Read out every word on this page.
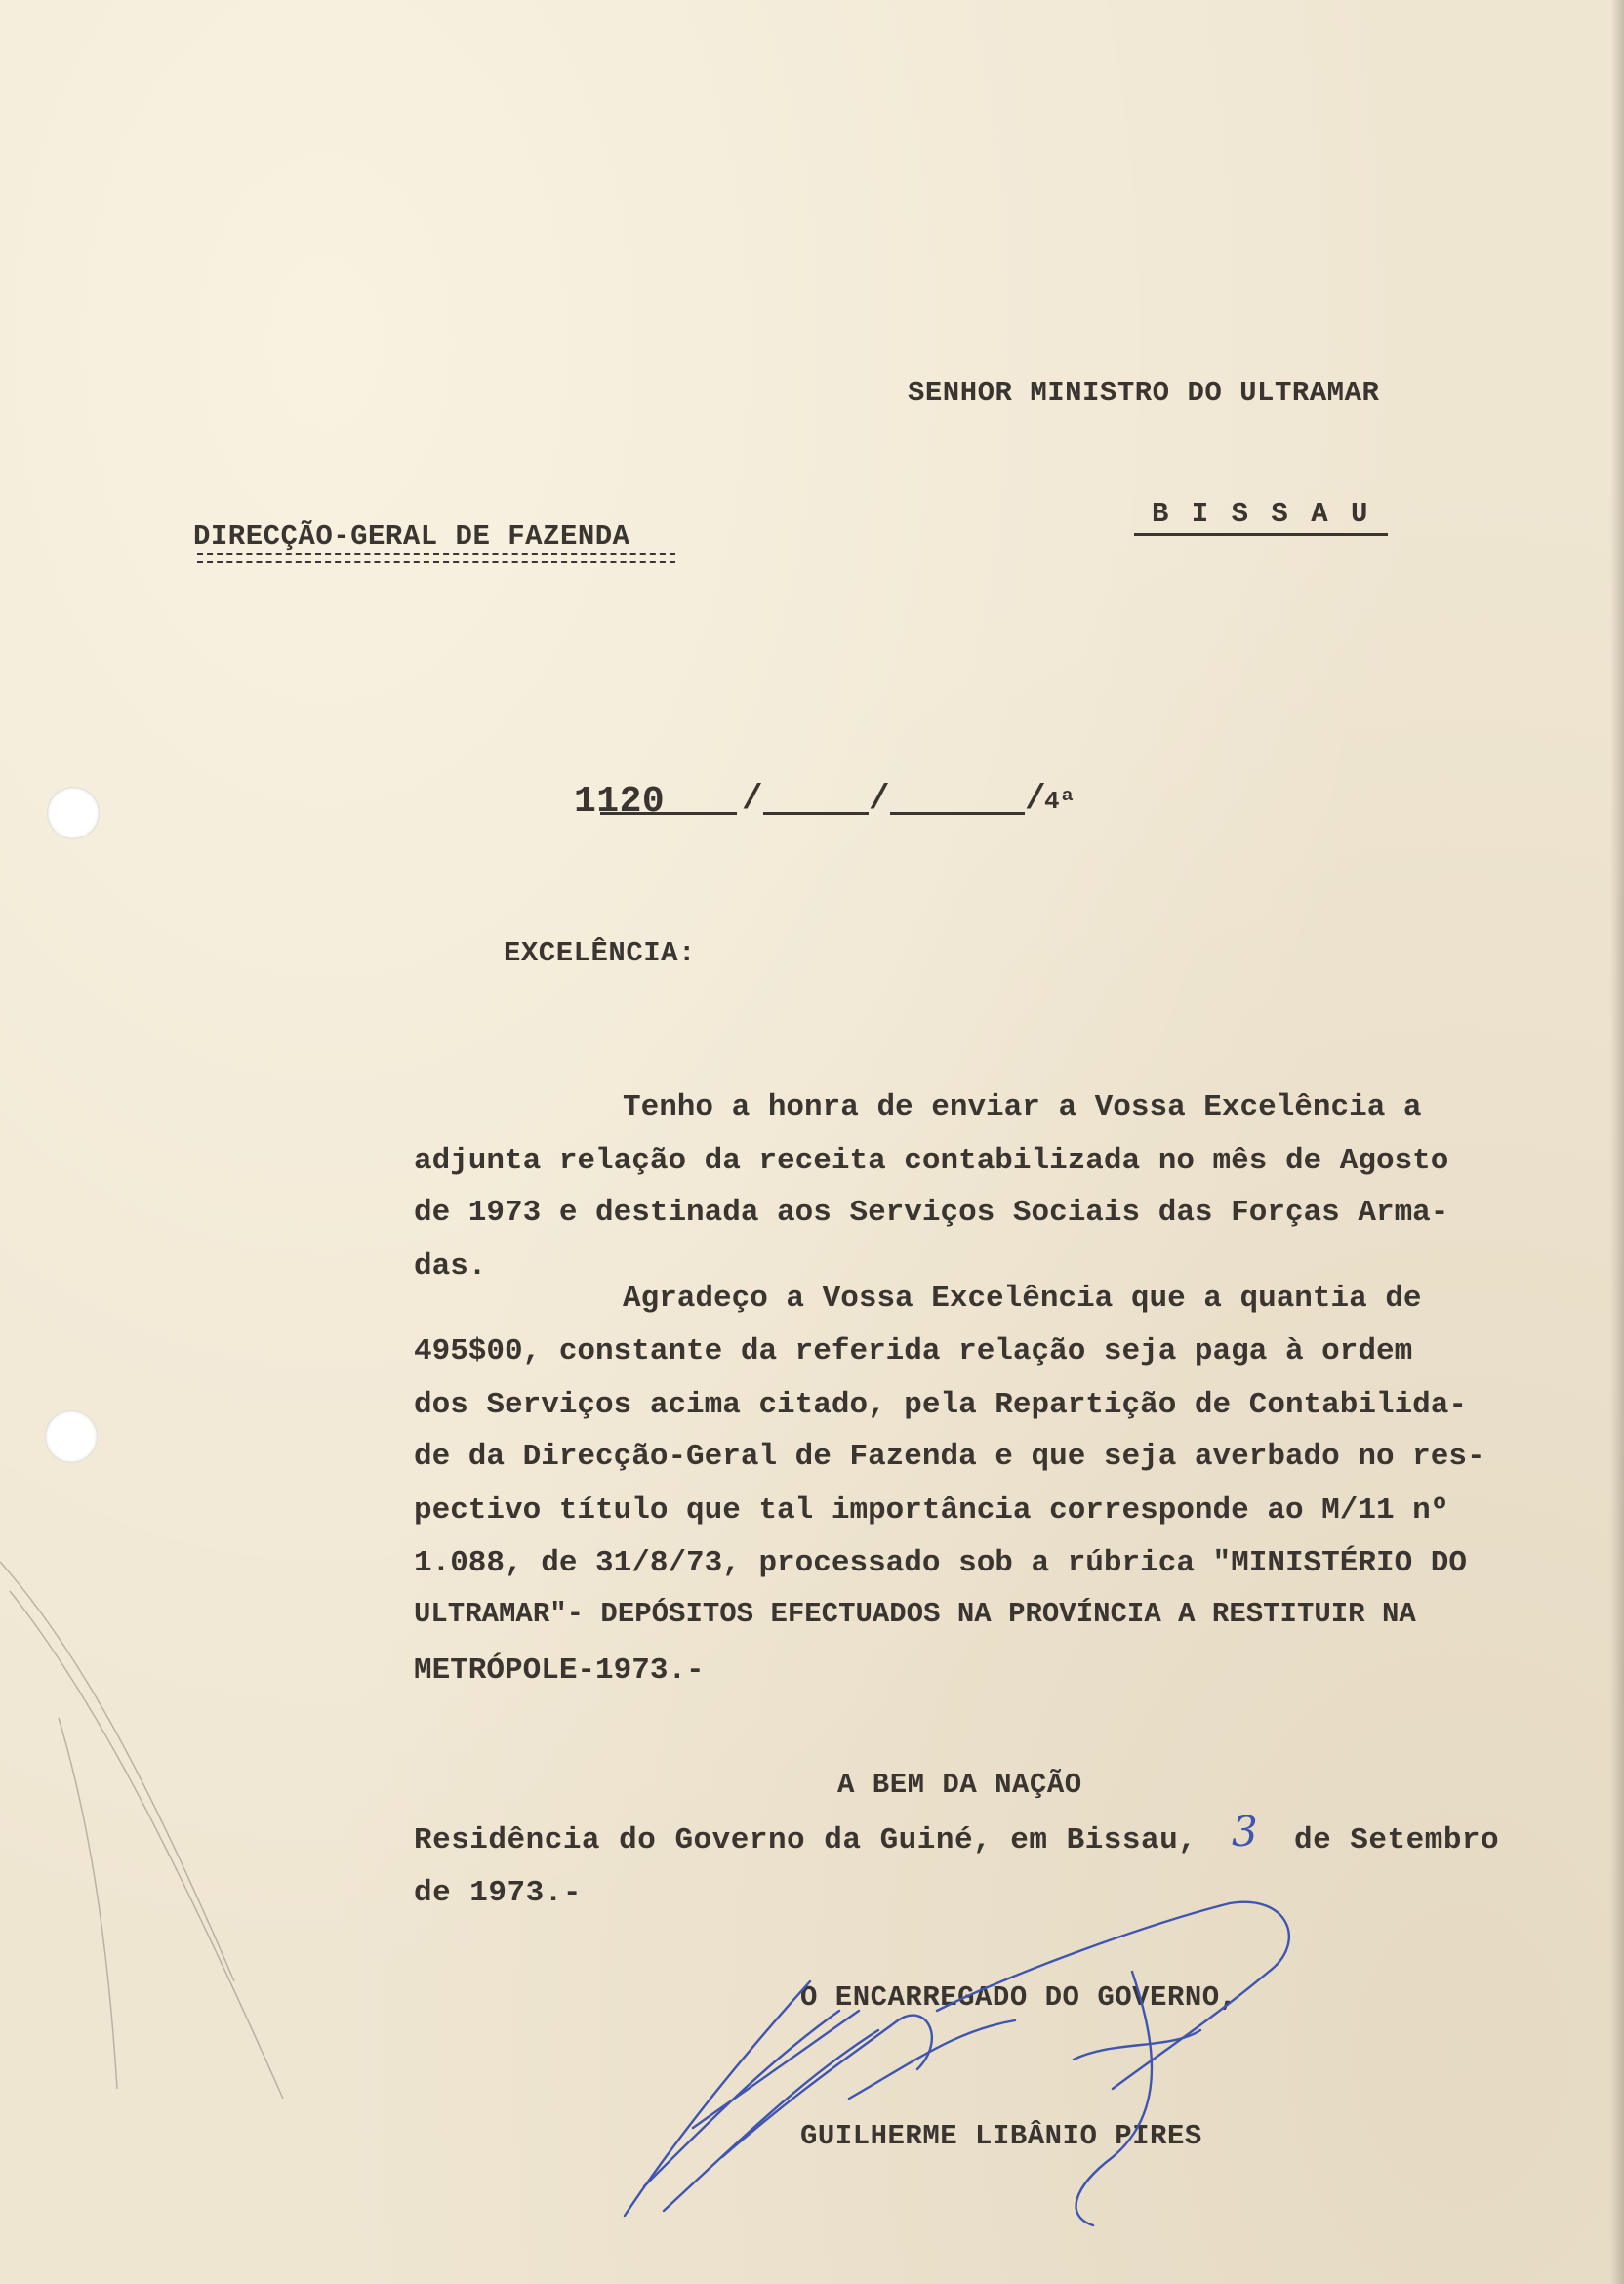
SENHOR MINISTRO DO ULTRAMAR
B I S S A U
DIRECÇÃO-GERAL DE FAZENDA
1120 /	/	/
4ª
EXCELÊNCIA:
Tenho a honra de enviar a Vossa Excelência a
adjunta relação da receita contabilizada no mês de Agosto
de 1973 e destinada aos Serviços Sociais das Forças Arma-
das.
Agradeço a Vossa Excelência que a quantia de
495$00, constante da referida relação seja paga à ordem
dos Serviços acima citado, pela Repartição de Contabilida-
de da Direcção-Geral de Fazenda e que seja averbado no res-
pectivo título que tal importância corresponde ao M/11 nº
1.088, de 31/8/73, processado sob a rúbrica "MINISTÉRIO DO
ULTRAMAR"- DEPÓSITOS EFECTUADOS NA PROVÍNCIA A RESTITUIR NA
METRÓPOLE-1973.-
A BEM DA NAÇÃO
Residência do Governo da Guiné, em Bissau, 3 de Setembro
de 1973.-
O ENCARREGADO DO GOVERNO,
GUILHERME LIBÂNIO PIRES
